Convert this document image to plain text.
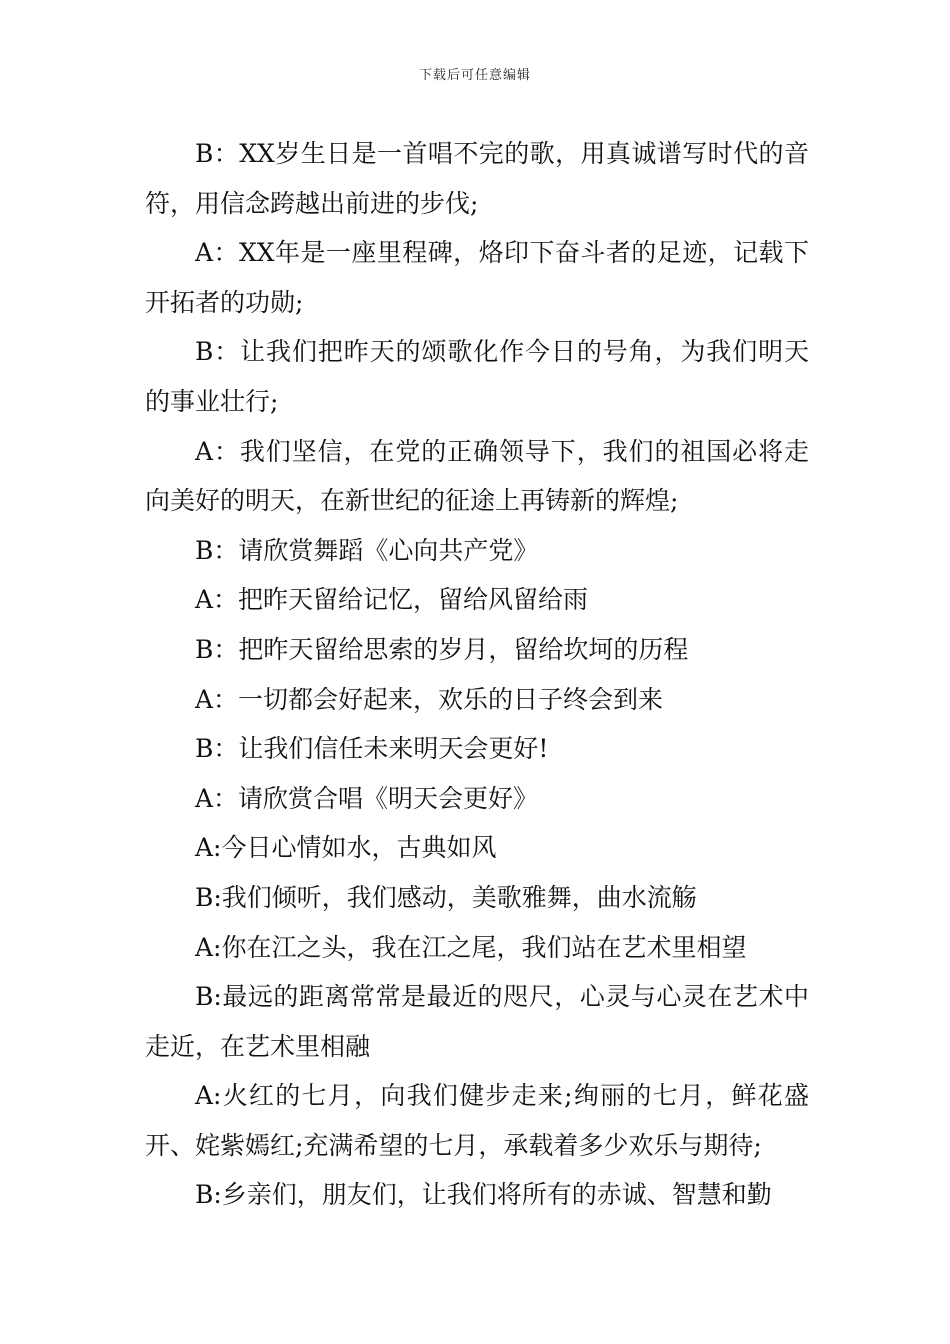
下载后可任意编辑

B：XX岁生日是一首唱不完的歌，用真诚谱写时代的音符，用信念跨越出前进的步伐;

A：XX年是一座里程碑，烙印下奋斗者的足迹，记载下开拓者的功勋;

B：让我们把昨天的颂歌化作今日的号角，为我们明天的事业壮行;

A：我们坚信，在党的正确领导下，我们的祖国必将走向美好的明天，在新世纪的征途上再铸新的辉煌;

B：请欣赏舞蹈《心向共产党》

A：把昨天留给记忆，留给风留给雨

B：把昨天留给思索的岁月，留给坎坷的历程

A：一切都会好起来，欢乐的日子终会到来

B：让我们信任未来明天会更好!

A：请欣赏合唱《明天会更好》

A:今日心情如水，古典如风

B:我们倾听，我们感动，美歌雅舞，曲水流觞

A:你在江之头，我在江之尾，我们站在艺术里相望

B:最远的距离常常是最近的咫尺，心灵与心灵在艺术中走近，在艺术里相融

A:火红的七月，向我们健步走来;绚丽的七月，鲜花盛开、姹紫嫣红;充满希望的七月，承载着多少欢乐与期待;

B:乡亲们，朋友们，让我们将所有的赤诚、智慧和勤
